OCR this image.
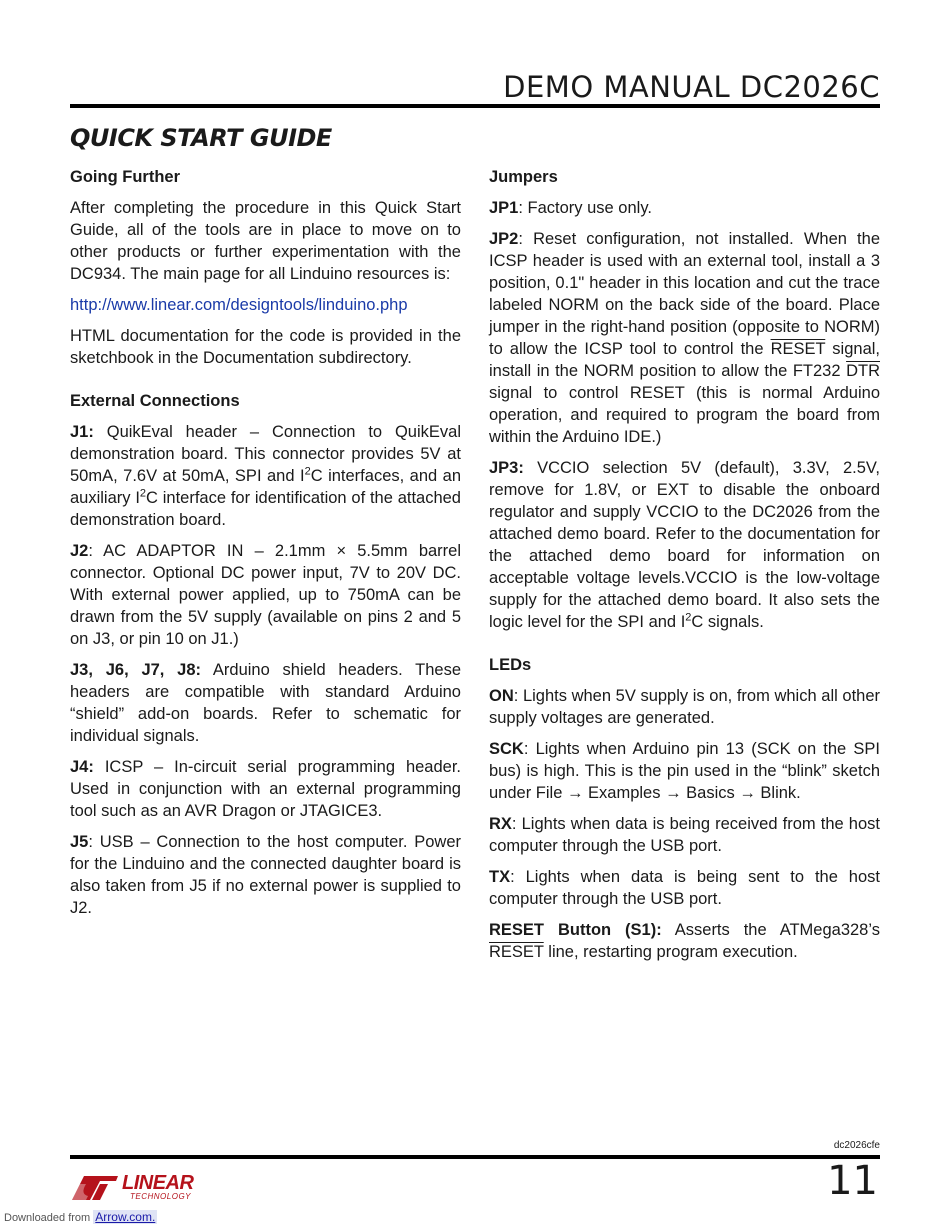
DEMO MANUAL DC2026C
QUICK START GUIDE
Going Further

After completing the procedure in this Quick Start Guide, all of the tools are in place to move on to other products or further experimentation with the DC934. The main page for all Linduino resources is:

http://www.linear.com/designtools/linduino.php

HTML documentation for the code is provided in the sketchbook in the Documentation subdirectory.

External Connections

J1: QuikEval header – Connection to QuikEval demonstration board. This connector provides 5V at 50mA, 7.6V at 50mA, SPI and $I^2C$ interfaces, and an auxiliary $I^2C$ interface for identification of the attached demonstration board.

J2: AC ADAPTOR IN – 2.1mm × 5.5mm barrel connector. Optional DC power input, 7V to 20V DC. With external power applied, up to 750mA can be drawn from the 5V supply (available on pins 2 and 5 on J3, or pin 10 on J1.)

J3, J6, J7, J8: Arduino shield headers. These headers are compatible with standard Arduino “shield” add-on boards. Refer to schematic for individual signals.

J4: ICSP – In-circuit serial programming header. Used in conjunction with an external programming tool such as an AVR Dragon or JTAGICE3.

J5: USB – Connection to the host computer. Power for the Linduino and the connected daughter board is also taken from J5 if no external power is supplied to J2.

Jumpers

JP1: Factory use only.

JP2: Reset configuration, not installed. When the ICSP header is used with an external tool, install a 3 position, 0.1" header in this location and cut the trace labeled NORM on the back side of the board. Place jumper in the right-hand position (opposite to NORM) to allow the ICSP tool to control the RESET signal, install in the NORM position to allow the FT232 $\overline{DTR}$ signal to control RESET (this is normal Arduino operation, and required to program the board from within the Arduino IDE.)

JP3: VCCIO selection 5V (default), 3.3V, 2.5V, remove for 1.8V, or EXT to disable the onboard regulator and supply VCCIO to the DC2026 from the attached demo board. Refer to the documentation for the attached demo board for information on acceptable voltage levels.VCCIO is the low-voltage supply for the attached demo board. It also sets the logic level for the SPI and $I^2C$ signals.

LEDs

ON: Lights when 5V supply is on, from which all other supply voltages are generated.

SCK: Lights when Arduino pin 13 (SCK on the SPI bus) is high. This is the pin used in the “blink” sketch under File → Examples → Basics → Blink.

RX: Lights when data is being received from the host computer through the USB port.

TX: Lights when data is being sent to the host computer through the USB port.

RESET Button (S1): Asserts the ATMega328’s RESET line, restarting program execution.

dc2026cfe
LINEAR
TECHNOLOGY	11
Downloaded from Arrow.com.
